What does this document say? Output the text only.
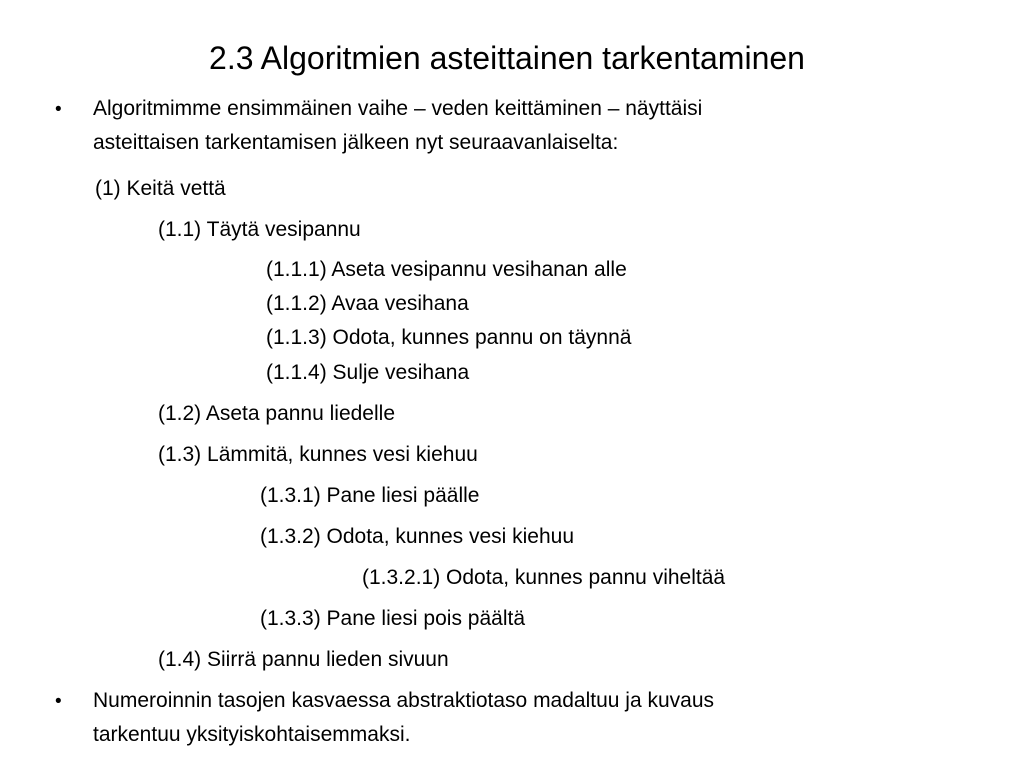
2.3 Algoritmien asteittainen tarkentaminen
• Algoritmimme ensimmäinen vaihe – veden keittäminen – näyttäisi
asteittaisen tarkentamisen jälkeen nyt seuraavanlaiselta:
(1) Keitä vettä
(1.1) Täytä vesipannu
(1.1.1) Aseta vesipannu vesihanan alle
(1.1.2) Avaa vesihana
(1.1.3) Odota, kunnes pannu on täynnä
(1.1.4) Sulje vesihana
(1.2) Aseta pannu liedelle
(1.3) Lämmitä, kunnes vesi kiehuu
(1.3.1) Pane liesi päälle
(1.3.2) Odota, kunnes vesi kiehuu
(1.3.2.1) Odota, kunnes pannu viheltää
(1.3.3) Pane liesi pois päältä
(1.4) Siirrä pannu lieden sivuun
• Numeroinnin tasojen kasvaessa abstraktiotaso madaltuu ja kuvaus
tarkentuu yksityiskohtaisemmaksi.
